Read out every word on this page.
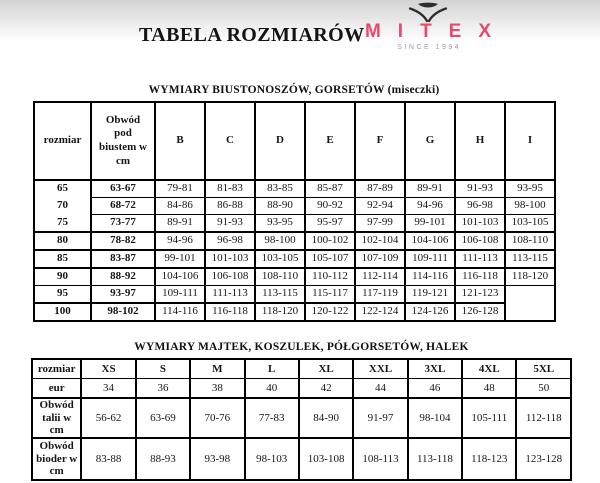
TABELA ROZMIARÓW MITEX
SINCE 1994
WYMIARY BIUSTONOSZÓW, GORSETÓW (miseczki)
rozmiar	Obwód pod biustem w cm	B	C	D	E	F	G	H	I
65	63-67	79-81	81-83	83-85	85-87	87-89	89-91	91-93	93-95
70	68-72	84-86	86-88	88-90	90-92	92-94	94-96	96-98	98-100
75	73-77	89-91	91-93	93-95	95-97	97-99	99-101	101-103	103-105
80	78-82	94-96	96-98	98-100	100-102	102-104	104-106	106-108	108-110
85	83-87	99-101	101-103	103-105	105-107	107-109	109-111	111-113	113-115
90	88-92	104-106	106-108	108-110	110-112	112-114	114-116	116-118	118-120
95	93-97	109-111	111-113	113-115	115-117	117-119	119-121	121-123	
100	98-102	114-116	116-118	118-120	120-122	122-124	124-126	126-128	
WYMIARY MAJTEK, KOSZULEK, PÓŁGORSETÓW, HALEK
rozmiar	XS	S	M	L	XL	XXL	3XL	4XL	5XL
eur	34	36	38	40	42	44	46	48	50
Obwód talii w cm	56-62	63-69	70-76	77-83	84-90	91-97	98-104	105-111	112-118
Obwód bioder w cm	83-88	88-93	93-98	98-103	103-108	108-113	113-118	118-123	123-128
